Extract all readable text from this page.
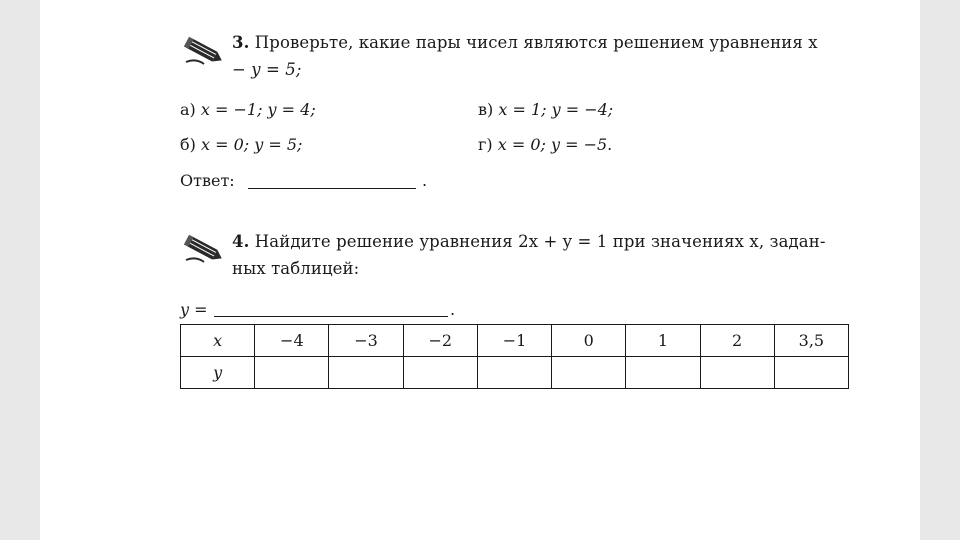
3. Проверьте, какие пары чисел являются решением уравнения x
− y = 5;
а) x = −1; y = 4;
б) x = 0; y = 5;
в) x = 1; y = −4;
г) x = 0; y = −5.
Ответ:	.
4. Найдите решение уравнения 2x + y = 1 при значениях x, задан-
ных таблицей:
y =	.
x	−4	−3	−2	−1	0	1	2	3,5
y								
